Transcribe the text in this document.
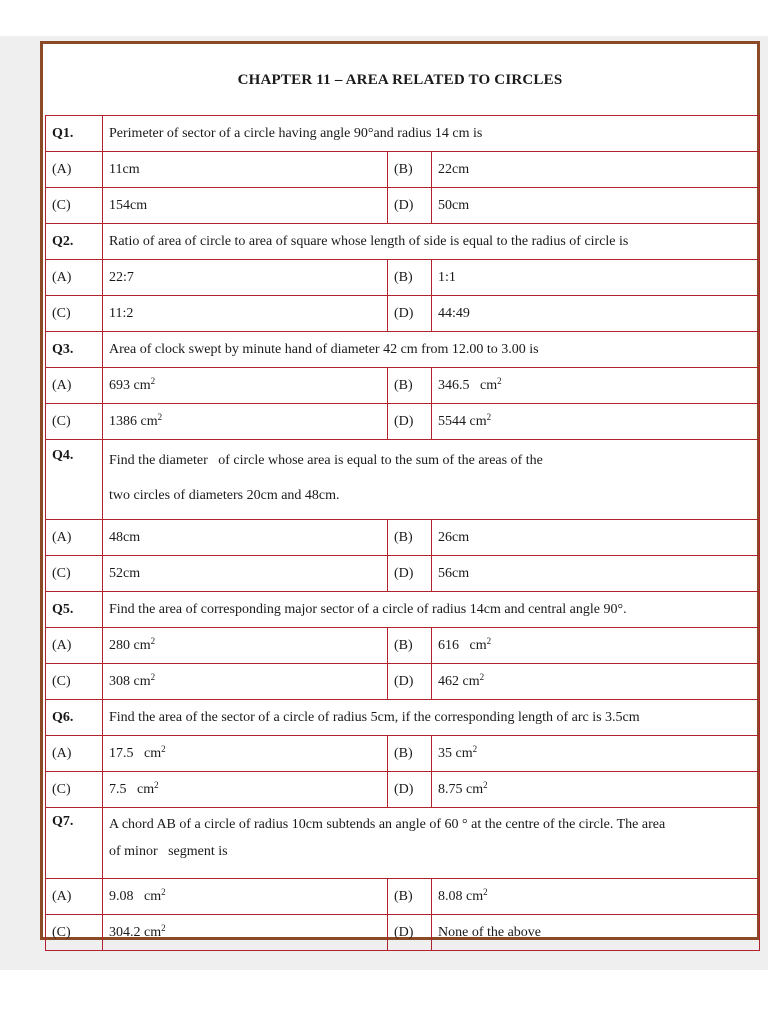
CHAPTER 11 – AREA RELATED TO CIRCLES
Q1.	Perimeter of sector of a circle having angle 90°and radius 14 cm is		
(A)	11cm	(B)	22cm
(C)	154cm	(D)	50cm
Q2.	Ratio of area of circle to area of square whose length of side is equal to the radius of circle is		
(A)	22:7	(B)	1:1
(C)	11:2	(D)	44:49
Q3.	Area of clock swept by minute hand of diameter 42 cm from 12.00 to 3.00 is		
(A)	693 $cm^2$	(B)	346.5   $cm^2$
(C)	1386 $cm^2$	(D)	5544 $cm^2$
Q4.	Find the diameter   of circle whose area is equal to the sum of the areas of the
two circles of diameters 20cm and 48cm.		

(A)	48cm	(B)	26cm
(C)	52cm	(D)	56cm
Q5.	Find the area of corresponding major sector of a circle of radius 14cm and central angle 90°.		
(A)	280 $cm^2$	(B)	616   $cm^2$
(C)	308 $cm^2$	(D)	462 $cm^2$
Q6.	Find the area of the sector of a circle of radius 5cm, if the corresponding length of arc is 3.5cm		
(A)	17.5   $cm^2$	(B)	35 $cm^2$
(C)	7.5   $cm^2$	(D)	8.75 $cm^2$
Q7.	A chord AB of a circle of radius 10cm subtends an angle of 60 ° at the centre of the circle. The area
of minor   segment is		

(A)	9.08   $cm^2$	(B)	8.08 $cm^2$
(C)	304.2 $cm^2$	(D)	None of the above
